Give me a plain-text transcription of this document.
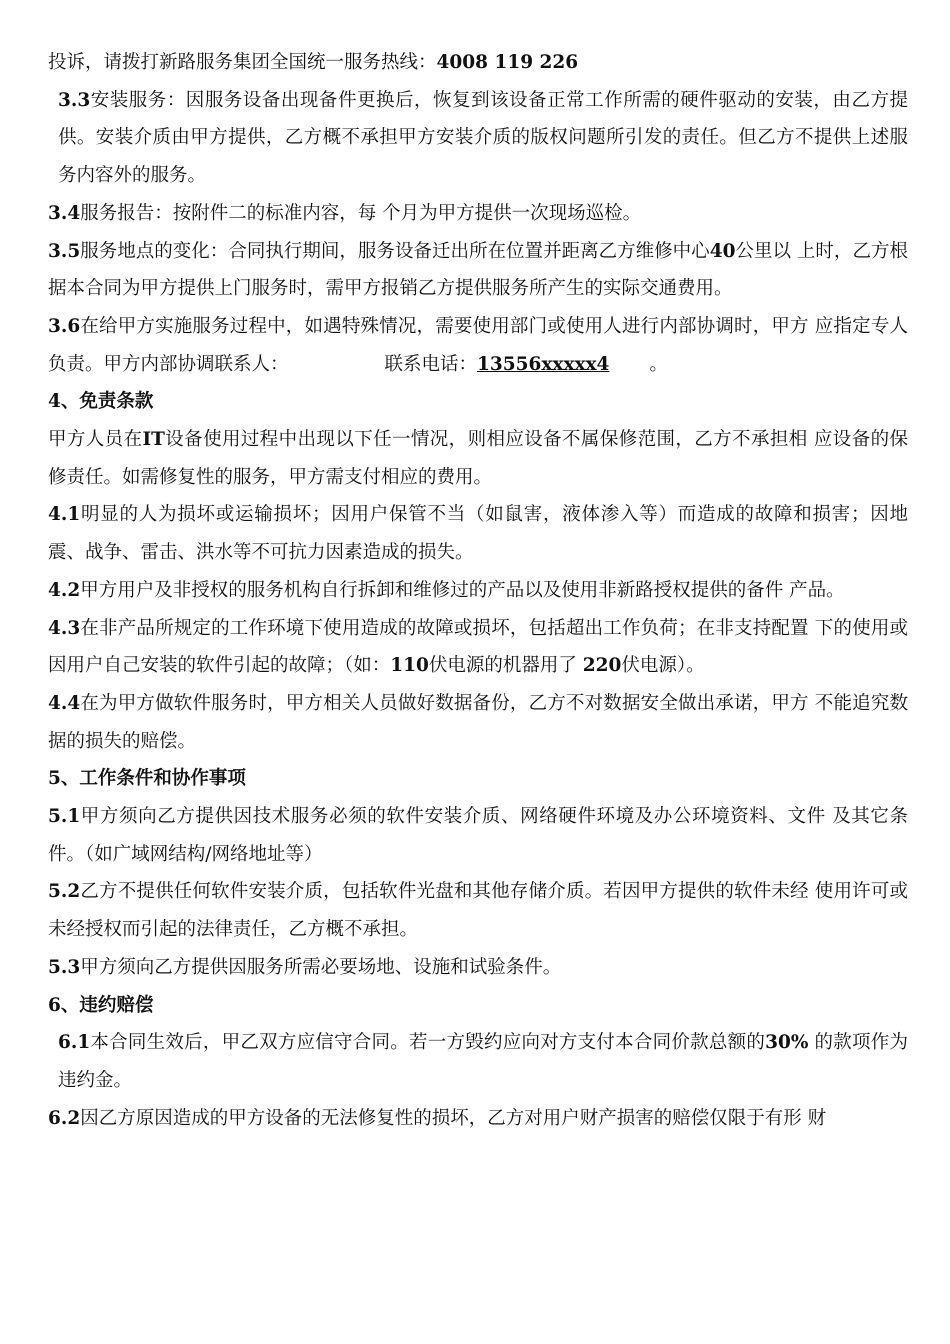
投诉，请拨打新路服务集团全国统一服务热线：4008 119 226

3.3安装服务：因服务设备出现备件更换后，恢复到该设备正常工作所需的硬件驱动的安装，由乙方提供。安装介质由甲方提供，乙方概不承担甲方安装介质的版权问题所引发的责任。但乙方不提供上述服务内容外的服务。

3.4服务报告：按附件二的标准内容，每 个月为甲方提供一次现场巡检。

3.5服务地点的变化：合同执行期间，服务设备迁出所在位置并距离乙方维修中心40公里以 上时，乙方根据本合同为甲方提供上门服务时，需甲方报销乙方提供服务所产生的实际交通费用。

3.6在给甲方实施服务过程中，如遇特殊情况，需要使用部门或使用人进行内部协调时，甲方 应指定专人负责。甲方内部协调联系人：	联系电话：13556xxxxx4 。

4、免责条款

甲方人员在IT设备使用过程中出现以下任一情况，则相应设备不属保修范围，乙方不承担相 应设备的保修责任。如需修复性的服务，甲方需支付相应的费用。

4.1明显的人为损坏或运输损坏；因用户保管不当（如鼠害，液体渗入等）而造成的故障和损害；因地震、战争、雷击、洪水等不可抗力因素造成的损失。

4.2甲方用户及非授权的服务机构自行拆卸和维修过的产品以及使用非新路授权提供的备件 产品。

4.3在非产品所规定的工作环境下使用造成的故障或损坏，包括超出工作负荷；在非支持配置 下的使用或因用户自己安装的软件引起的故障；（如：110伏电源的机器用了 220伏电源）。

4.4在为甲方做软件服务时，甲方相关人员做好数据备份，乙方不对数据安全做出承诺，甲方 不能追究数据的损失的赔偿。

5、工作条件和协作事项

5.1甲方须向乙方提供因技术服务必须的软件安装介质、网络硬件环境及办公环境资料、文件 及其它条件。（如广域网结构/网络地址等）

5.2乙方不提供任何软件安装介质，包括软件光盘和其他存储介质。若因甲方提供的软件未经 使用许可或未经授权而引起的法律责任，乙方概不承担。

5.3甲方须向乙方提供因服务所需必要场地、设施和试验条件。

6、违约赔偿

6.1本合同生效后，甲乙双方应信守合同。若一方毁约应向对方支付本合同价款总额的30% 的款项作为违约金。

6.2因乙方原因造成的甲方设备的无法修复性的损坏，乙方对用户财产损害的赔偿仅限于有形 财
